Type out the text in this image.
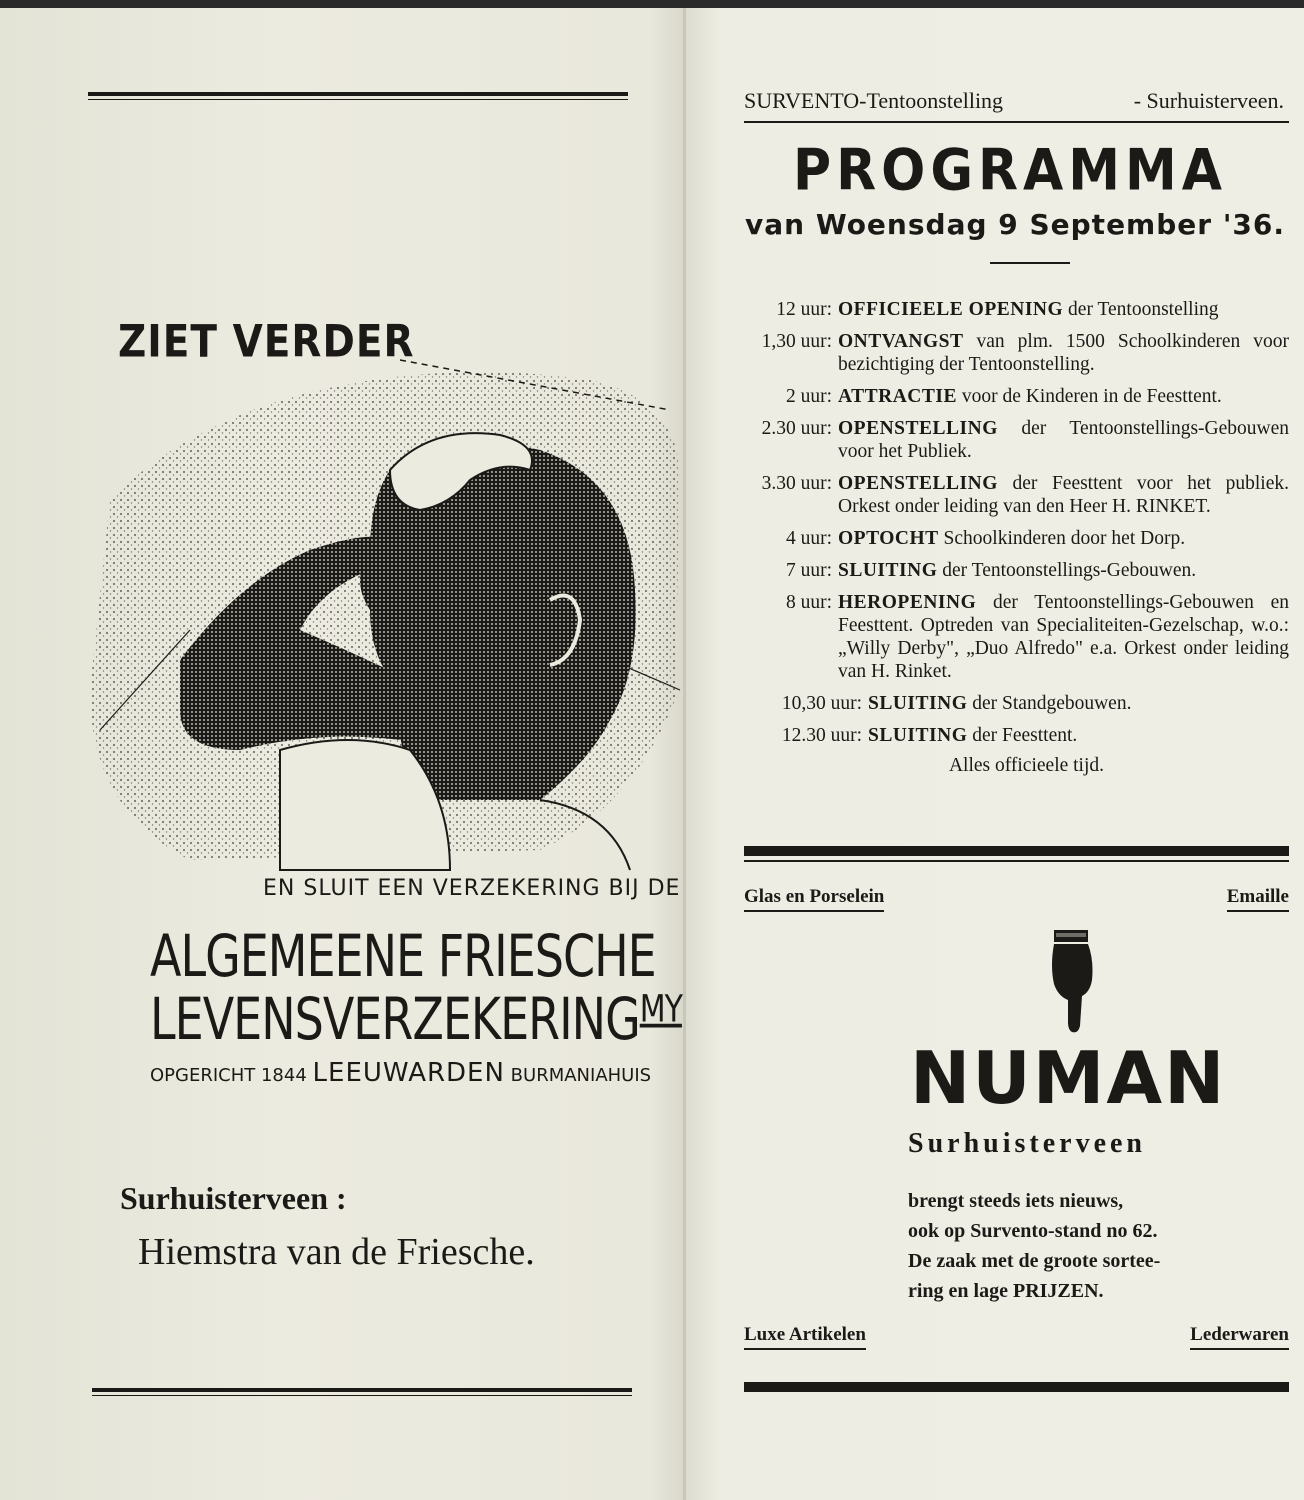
ZIET VERDER
EN SLUIT EEN VERZEKERING BIJ DE
ALGEMEENE FRIESCHE
$LEVENSVERZEKERING^{MY}$
OPGERICHT 1844 LEEUWARDEN BURMANIAHUIS
Surhuisterveen :
Hiemstra van de Friesche.
SURVENTO-Tentoonstelling	- Surhuisterveen.
PROGRAMMA
van Woensdag 9 September '36.
12 uur: OFFICIEELE OPENING der Tentoonstelling
1,30 uur: ONTVANGST van plm. 1500 Schoolkinderen voor bezichtiging der Tentoonstelling.
2 uur: ATTRACTIE voor de Kinderen in de Feesttent.
2.30 uur: OPENSTELLING der Tentoonstellings-Gebouwen voor het Publiek.
3.30 uur: OPENSTELLING der Feesttent voor het publiek. Orkest onder leiding van den Heer H. RINKET.
4 uur: OPTOCHT Schoolkinderen door het Dorp.
7 uur: SLUITING der Tentoonstellings-Gebouwen.
8 uur: HEROPENING der Tentoonstellings-Gebouwen en Feesttent. Optreden van Specialiteiten-Gezelschap, w.o.: „Willy Derby", „Duo Alfredo" e.a. Orkest onder leiding van H. Rinket.
10,30 uur: SLUITING der Standgebouwen.
12.30 uur: SLUITING der Feesttent.
Alles officieele tijd.
Glas en Porselein	Emaille
NUMAN
Surhuisterveen
brengt steeds iets nieuws,
ook op Survento-stand no 62.
De zaak met de groote sortee-
ring en lage PRIJZEN.
Luxe Artikelen	Lederwaren
